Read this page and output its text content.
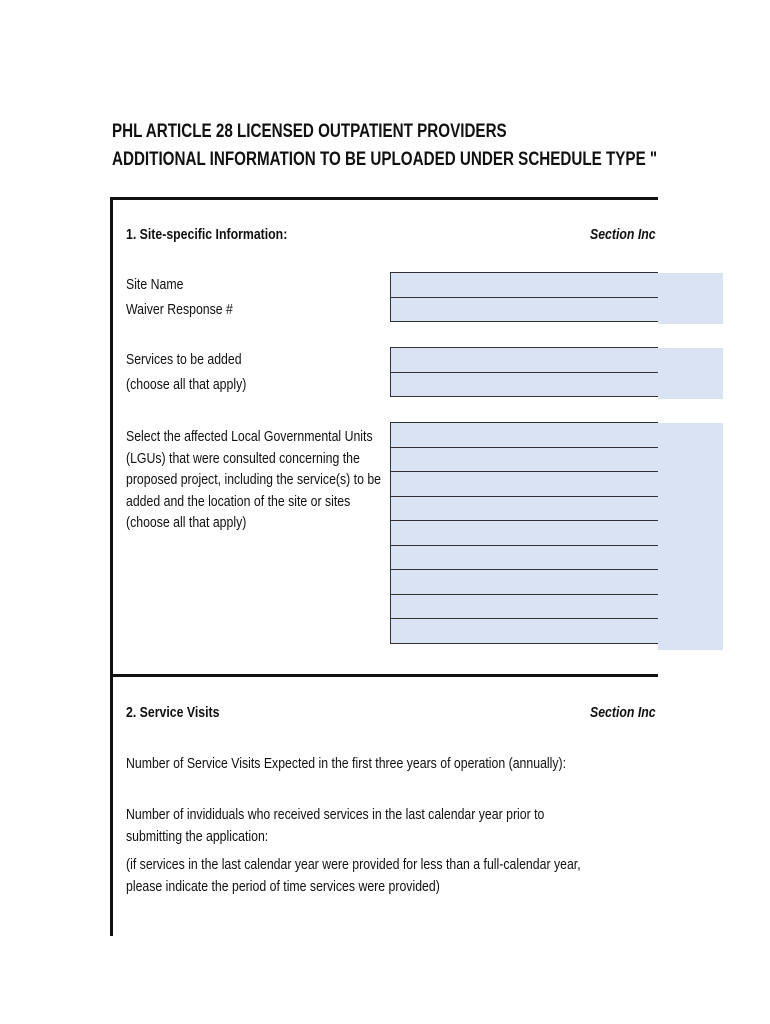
PHL ARTICLE 28 LICENSED OUTPATIENT PROVIDERS
ADDITIONAL INFORMATION TO BE UPLOADED UNDER SCHEDULE TYPE "
1. Site-specific Information:	Section Inc
Site Name
Waiver Response #
Services to be added
(choose all that apply)
Select the affected Local Governmental Units
(LGUs) that were consulted concerning the
proposed project, including the service(s) to be
added and the location of the site or sites
(choose all that apply)
2. Service Visits	Section Inc
Number of Service Visits Expected in the first three years of operation (annually):
Number of invididuals who received services in the last calendar year prior to
submitting the application:
(if services in the last calendar year were provided for less than a full-calendar year,
please indicate the period of time services were provided)
